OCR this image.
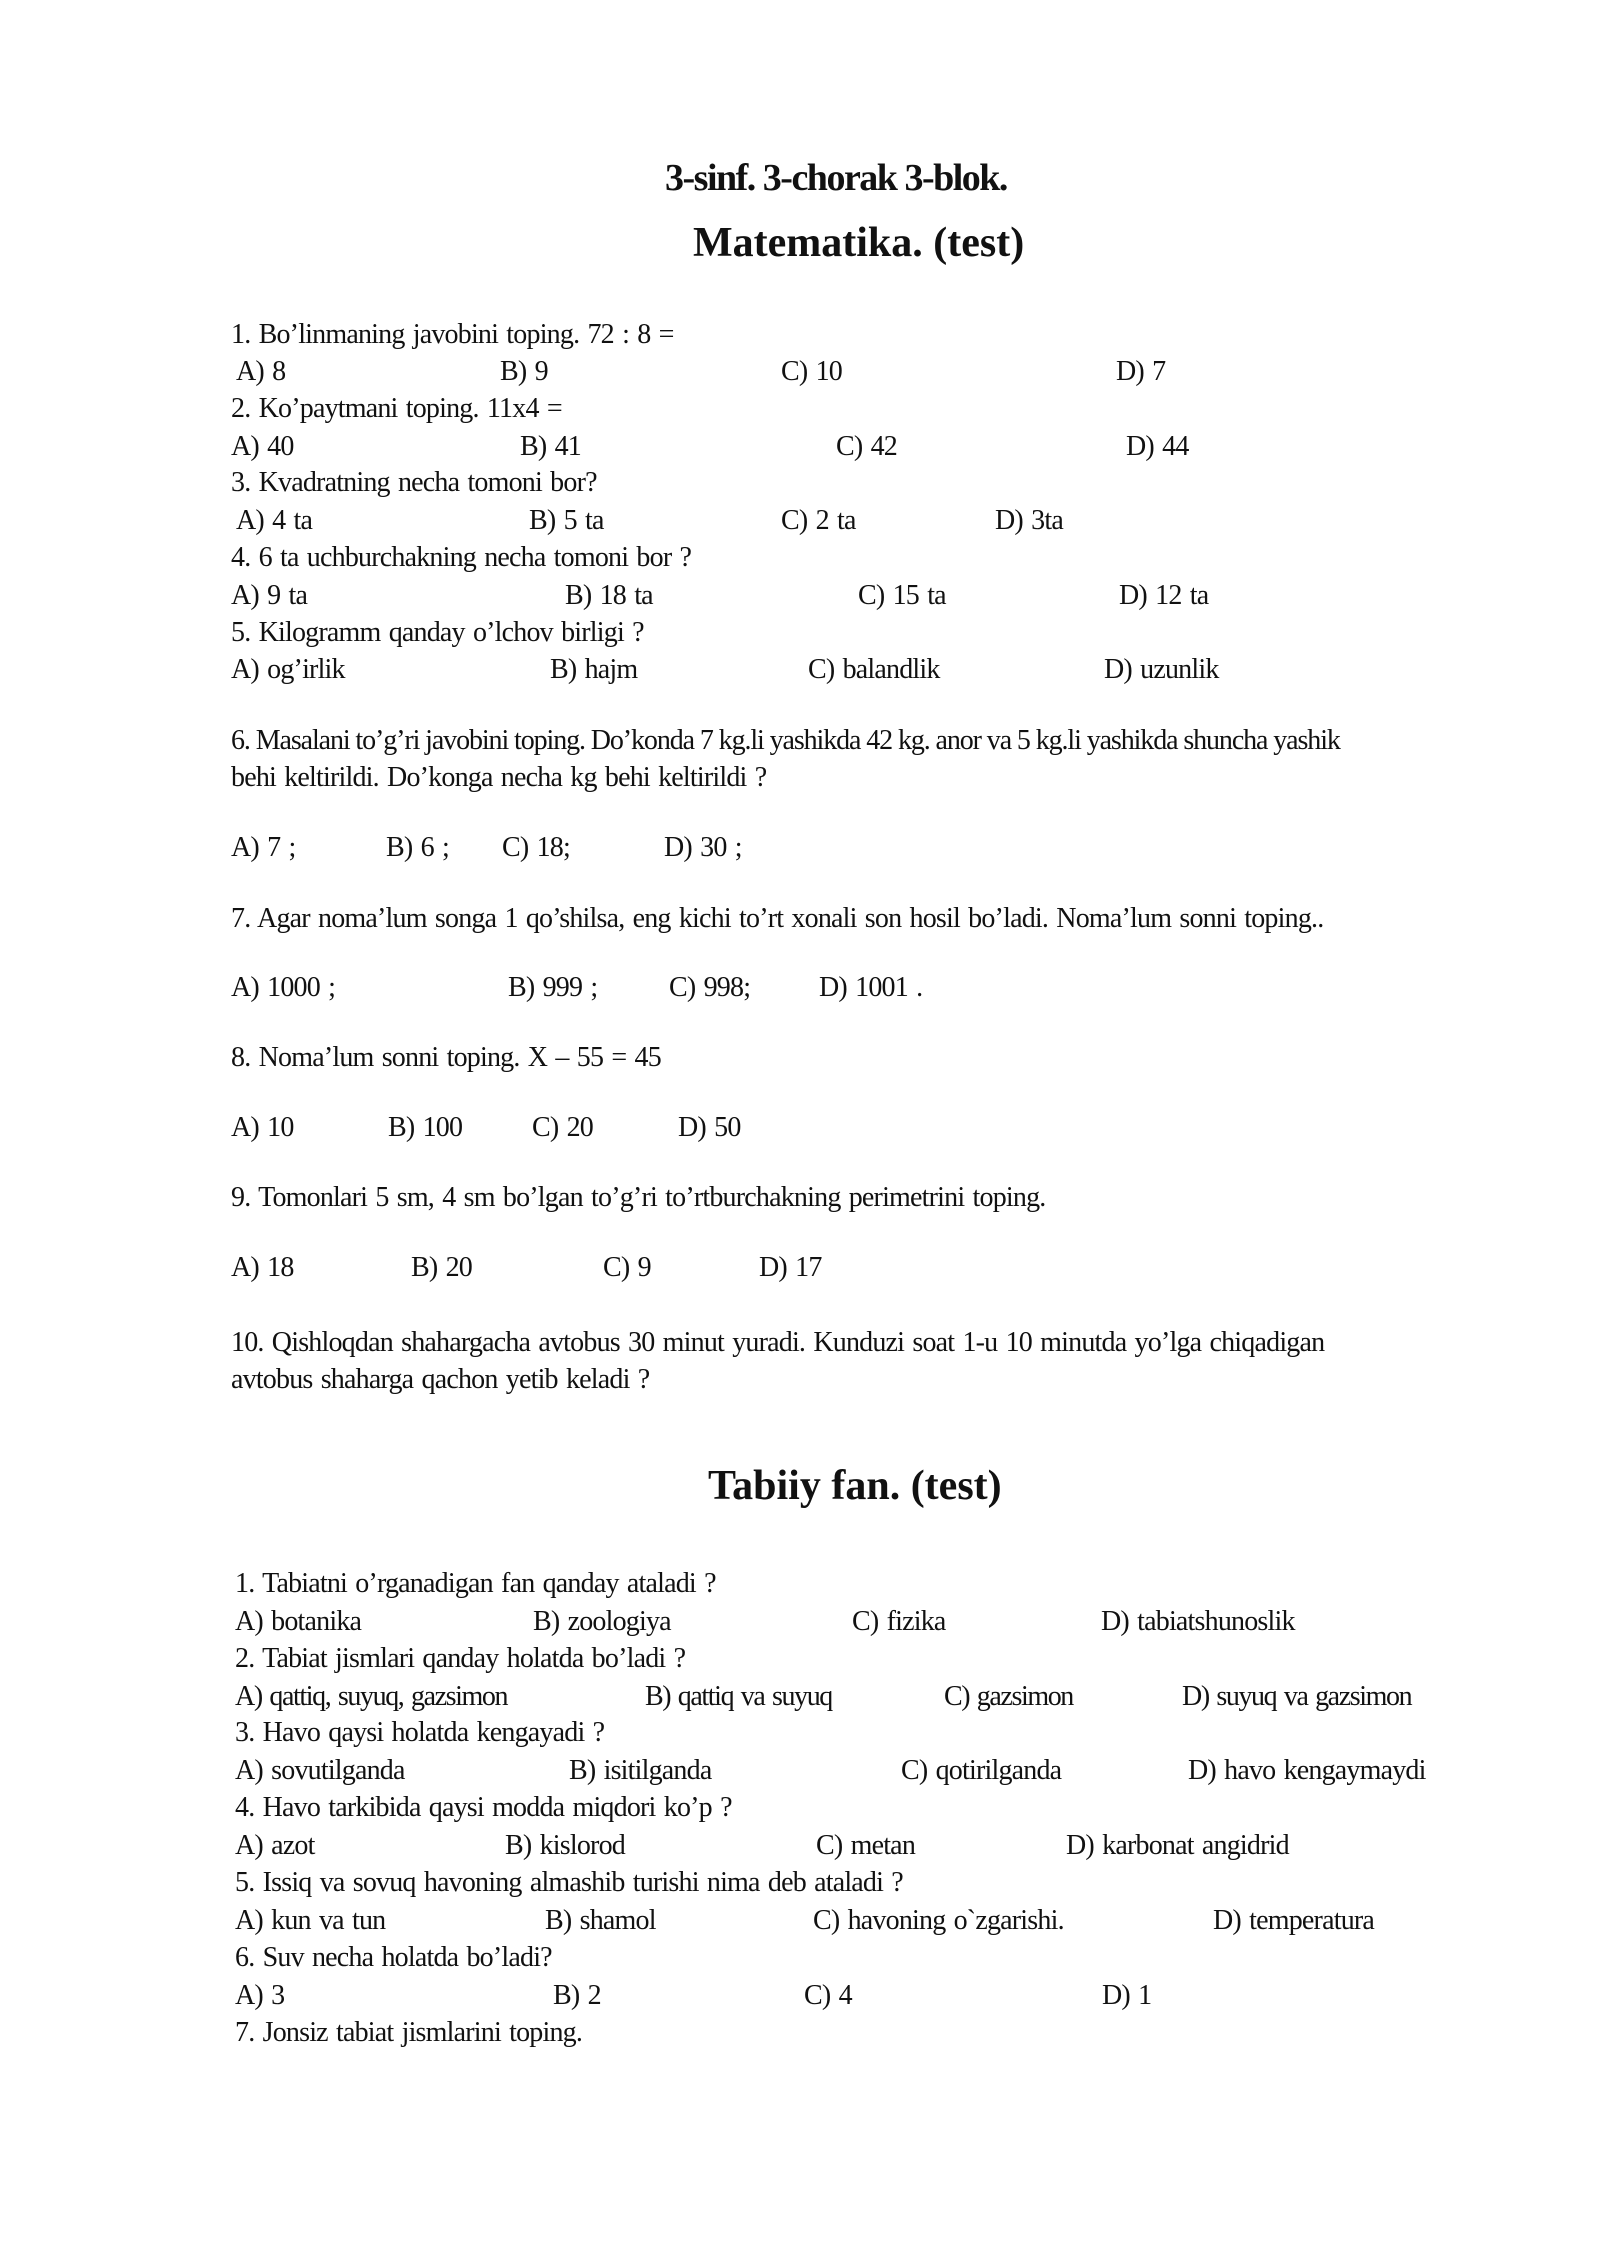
3-sinf. 3-chorak 3-blok.
Matematika. (test)
1. Bo’linmaning javobini toping. 72 : 8 =
A) 8	B) 9	C) 10	D) 7
2. Ko’paytmani toping. 11x4 =
A) 40	B) 41	C) 42	D) 44
3. Kvadratning necha tomoni bor?
A) 4 ta	B) 5 ta	C) 2 ta	D) 3ta
4. 6 ta uchburchakning necha tomoni bor ?
A) 9 ta	B) 18 ta	C) 15 ta	D) 12 ta
5. Kilogramm qanday o’lchov birligi ?
A) og’irlik	B) hajm	C) balandlik	D) uzunlik
6. Masalani to’g’ri javobini toping. Do’konda 7 kg.li yashikda 42 kg. anor va 5 kg.li yashikda shuncha yashik
behi keltirildi. Do’konga necha kg behi keltirildi ?
A) 7 ;	B) 6 ; C) 18;	D) 30 ;
7. Agar noma’lum songa 1 qo’shilsa, eng kichi to’rt xonali son hosil bo’ladi. Noma’lum sonni toping..
A) 1000 ;	B) 999 ;	C) 998; D) 1001 .
8. Noma’lum sonni toping. X – 55 = 45
A) 10	B) 100 C) 20	D) 50
9. Tomonlari 5 sm, 4 sm bo’lgan to’g’ri to’rtburchakning perimetrini toping.
A) 18	B) 20	C) 9	D) 17
10. Qishloqdan shahargacha avtobus 30 minut yuradi. Kunduzi soat 1-u 10 minutda yo’lga chiqadigan
avtobus shaharga qachon yetib keladi ?
Tabiiy fan. (test)
1. Tabiatni o’rganadigan fan qanday ataladi ?
A) botanika	B) zoologiya	C) fizika	D) tabiatshunoslik
2. Tabiat jismlari qanday holatda bo’ladi ?
A) qattiq, suyuq, gazsimon	B) qattiq va suyuq	C) gazsimon	D) suyuq va gazsimon
3. Havo qaysi holatda kengayadi ?
A) sovutilganda	B) isitilganda	C) qotirilganda	D) havo kengaymaydi
4. Havo tarkibida qaysi modda miqdori ko’p ?
A) azot	B) kislorod	C) metan	D) karbonat angidrid
5. Issiq va sovuq havoning almashib turishi nima deb ataladi ?
A) kun va tun	B) shamol	C) havoning o`zgarishi.	D) temperatura
6. Suv necha holatda bo’ladi?
A) 3	B) 2	C) 4	D) 1
7. Jonsiz tabiat jismlarini toping.
